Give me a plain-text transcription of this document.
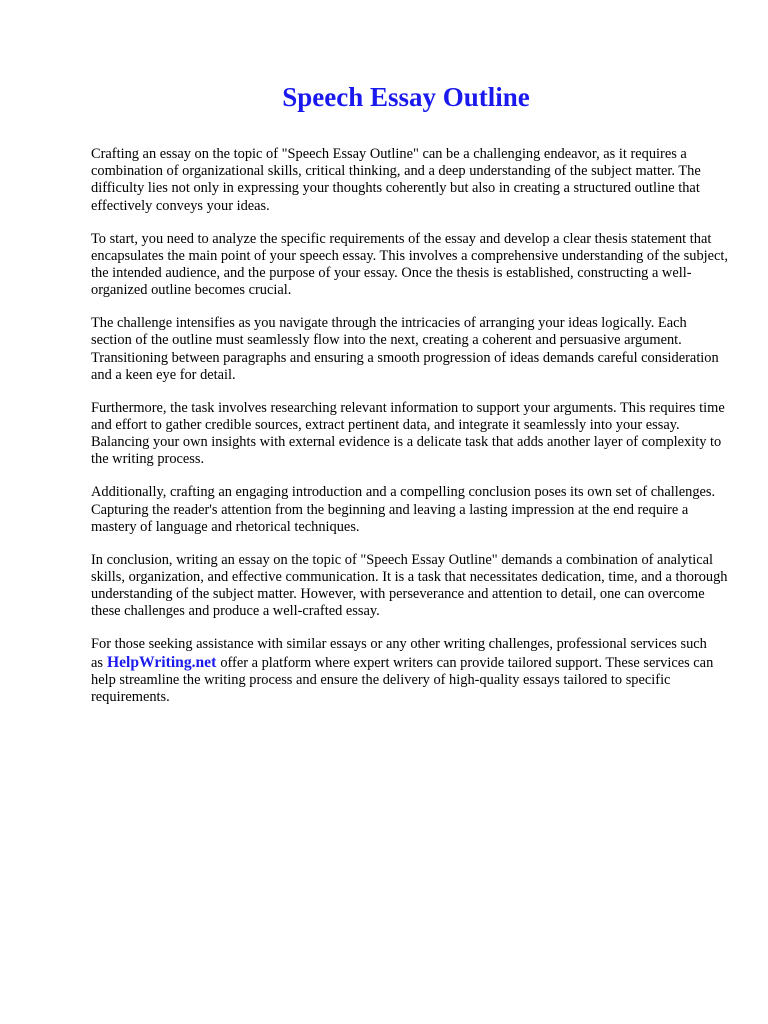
Speech Essay Outline

Crafting an essay on the topic of "Speech Essay Outline" can be a challenging endeavor, as it requires a combination of organizational skills, critical thinking, and a deep understanding of the subject matter. The difficulty lies not only in expressing your thoughts coherently but also in creating a structured outline that effectively conveys your ideas.

To start, you need to analyze the specific requirements of the essay and develop a clear thesis statement that encapsulates the main point of your speech essay. This involves a comprehensive understanding of the subject, the intended audience, and the purpose of your essay. Once the thesis is established, constructing a well-organized outline becomes crucial.

The challenge intensifies as you navigate through the intricacies of arranging your ideas logically. Each section of the outline must seamlessly flow into the next, creating a coherent and persuasive argument. Transitioning between paragraphs and ensuring a smooth progression of ideas demands careful consideration and a keen eye for detail.

Furthermore, the task involves researching relevant information to support your arguments. This requires time and effort to gather credible sources, extract pertinent data, and integrate it seamlessly into your essay. Balancing your own insights with external evidence is a delicate task that adds another layer of complexity to the writing process.

Additionally, crafting an engaging introduction and a compelling conclusion poses its own set of challenges. Capturing the reader's attention from the beginning and leaving a lasting impression at the end require a mastery of language and rhetorical techniques.

In conclusion, writing an essay on the topic of "Speech Essay Outline" demands a combination of analytical skills, organization, and effective communication. It is a task that necessitates dedication, time, and a thorough understanding of the subject matter. However, with perseverance and attention to detail, one can overcome these challenges and produce a well-crafted essay.

For those seeking assistance with similar essays or any other writing challenges, professional services such as HelpWriting.net offer a platform where expert writers can provide tailored support. These services can help streamline the writing process and ensure the delivery of high-quality essays tailored to specific requirements.
